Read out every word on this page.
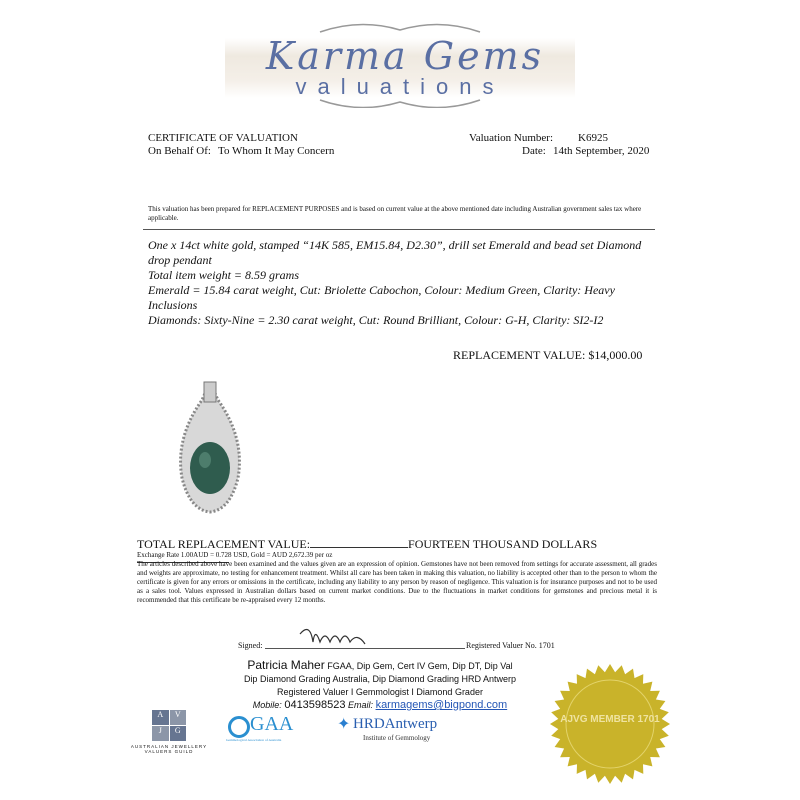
Karma Gems
valuations
CERTIFICATE OF VALUATION
On Behalf Of: To Whom It May Concern
Valuation Number: K6925
Date: 14th September, 2020
This valuation has been prepared for REPLACEMENT PURPOSES and is based on current value at the above mentioned date including Australian government sales tax where applicable.
One x 14ct white gold, stamped “14K 585, EM15.84, D2.30”, drill set Emerald and bead set Diamond drop pendant
Total item weight = 8.59 grams
Emerald = 15.84 carat weight, Cut: Briolette Cabochon, Colour: Medium Green, Clarity: Heavy Inclusions
Diamonds: Sixty-Nine = 2.30 carat weight, Cut: Round Brilliant, Colour: G-H, Clarity: SI2-I2
REPLACEMENT VALUE: $14,000.00
TOTAL REPLACEMENT VALUE:	FOURTEEN THOUSAND DOLLARS
Exchange Rate 1.00AUD = 0.728 USD, Gold = AUD 2,672.39 per oz
The articles described above have been examined and the values given are an expression of opinion. Gemstones have not been removed from settings for accurate assessment, all grades and weights are approximate, no testing for enhancement treatment. Whilst all care has been taken in making this valuation, no liability is accepted other than to the person to whom the certificate is given for any errors or omissions in the certificate, including any liability to any person by reason of negligence. This valuation is for insurance purposes and not to be used as a sales tool. Values expressed in Australian dollars based on current market conditions. Due to the fluctuations in market conditions for gemstones and precious metal it is recommended that this certificate be re-appraised every 12 months.
Signed:	Registered Valuer No. 1701
Patricia Maher FGAA, Dip Gem, Cert IV Gem, Dip DT, Dip Val
Dip Diamond Grading Australia, Dip Diamond Grading HRD Antwerp
Registered Valuer I Gemmologist I Diamond Grader
Mobile: 0413598523 Email: karmagems@bigpond.com
A	V
J	G
AUSTRALIAN JEWELLERY VALUERS GUILD
GAA
Gemmological Association of Australia
✦ HRDAntwerp
Institute of Gemmology
AJVG MEMBER 1701
